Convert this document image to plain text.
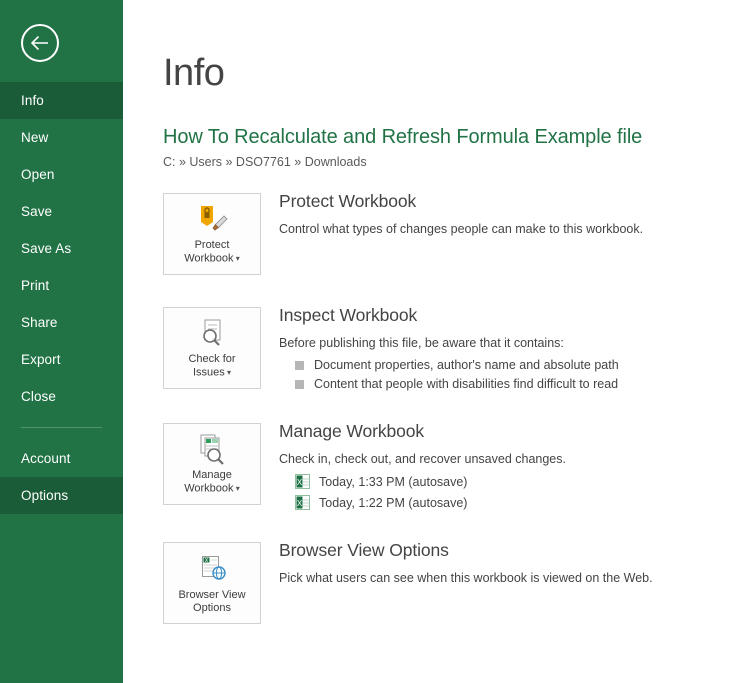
Info
New
Open
Save
Save As
Print
Share
Export
Close
Account
Options
Info
How To Recalculate and Refresh Formula Example file
C: » Users » DSO7761 » Downloads
Protect
Workbook ▾
Protect Workbook

Control what types of changes people can make to this workbook.

Check for
Issues ▾
Inspect Workbook

Before publishing this file, be aware that it contains:

Document properties, author's name and absolute path
Content that people with disabilities find difficult to read
Manage
Workbook ▾
Manage Workbook

Check in, check out, and recover unsaved changes.

X Today, 1:33 PM (autosave)
X Today, 1:22 PM (autosave)
X
Browser View
Options
Browser View Options

Pick what users can see when this workbook is viewed on the Web.
